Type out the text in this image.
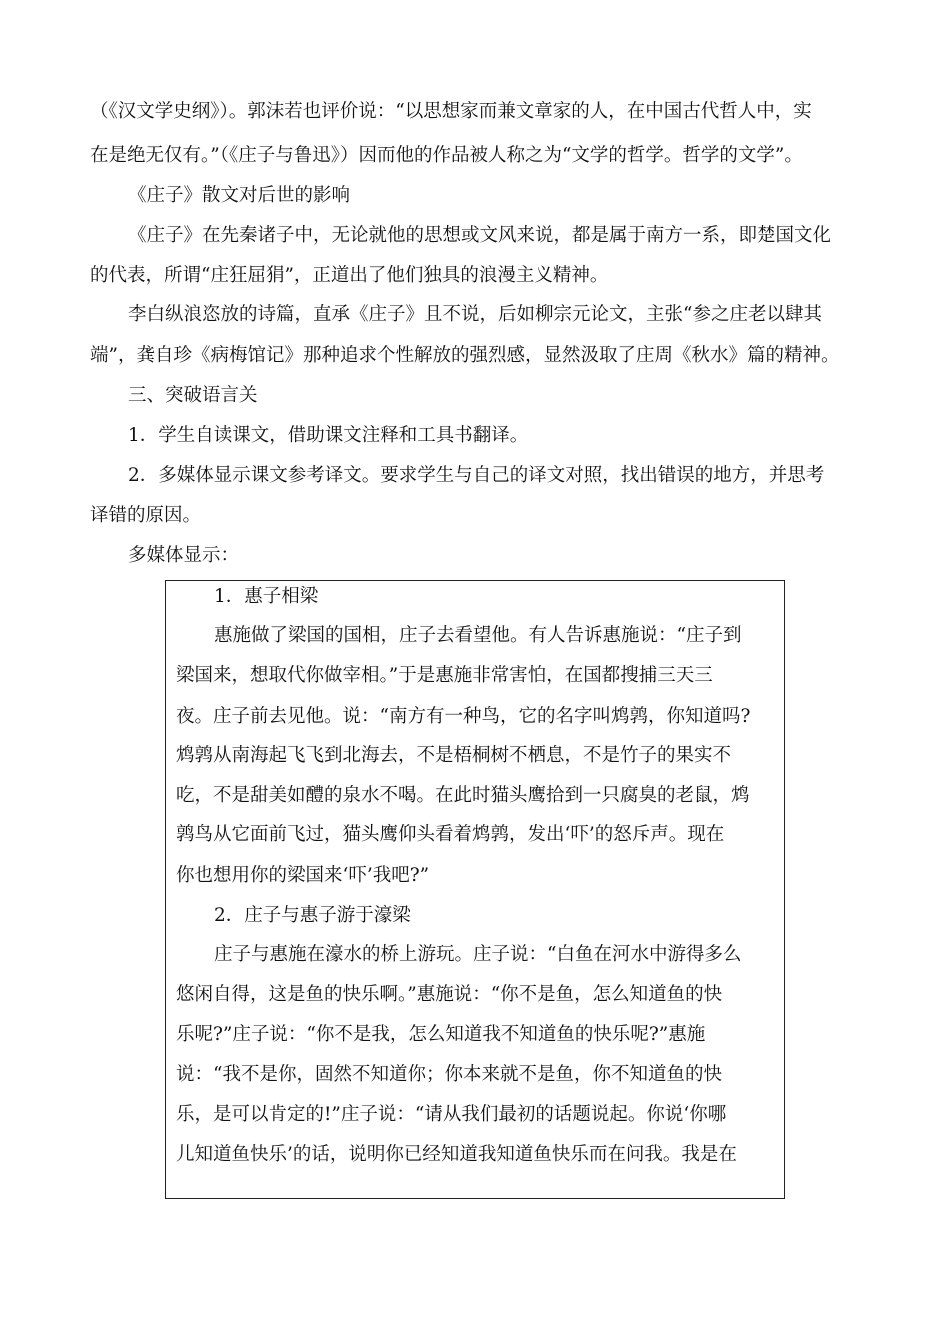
（《汉文学史纲》）。郭沫若也评价说：“以思想家而兼文章家的人，在中国古代哲人中，实
在是绝无仅有。”（《庄子与鲁迅》）因而他的作品被人称之为“文学的哲学。哲学的文学”。
《庄子》散文对后世的影响
《庄子》在先秦诸子中，无论就他的思想或文风来说，都是属于南方一系，即楚国文化
的代表，所谓“庄狂屈狷”，正道出了他们独具的浪漫主义精神。
李白纵浪恣放的诗篇，直承《庄子》且不说，后如柳宗元论文，主张“参之庄老以肆其
端”，龚自珍《病梅馆记》那种追求个性解放的强烈感，显然汲取了庄周《秋水》篇的精神。
三、突破语言关
1．学生自读课文，借助课文注释和工具书翻译。
2．多媒体显示课文参考译文。要求学生与自己的译文对照，找出错误的地方，并思考
译错的原因。
多媒体显示：
1．惠子相梁
惠施做了梁国的国相，庄子去看望他。有人告诉惠施说：“庄子到
梁国来，想取代你做宰相。”于是惠施非常害怕，在国都搜捕三天三
夜。庄子前去见他。说：“南方有一种鸟，它的名字叫鸩鹑，你知道吗?
鸩鹑从南海起飞飞到北海去，不是梧桐树不栖息，不是竹子的果实不
吃，不是甜美如醴的泉水不喝。在此时猫头鹰拾到一只腐臭的老鼠，鸩
鹑鸟从它面前飞过，猫头鹰仰头看着鸩鹑，发出‘吓’的怒斥声。现在
你也想用你的梁国来‘吓’我吧?”
2．庄子与惠子游于濠梁
庄子与惠施在濠水的桥上游玩。庄子说：“白鱼在河水中游得多么
悠闲自得，这是鱼的快乐啊。”惠施说：“你不是鱼，怎么知道鱼的快
乐呢?”庄子说：“你不是我，怎么知道我不知道鱼的快乐呢?”惠施
说：“我不是你，固然不知道你；你本来就不是鱼，你不知道鱼的快
乐，是可以肯定的!”庄子说：“请从我们最初的话题说起。你说‘你哪
儿知道鱼快乐’的话，说明你已经知道我知道鱼快乐而在问我。我是在
